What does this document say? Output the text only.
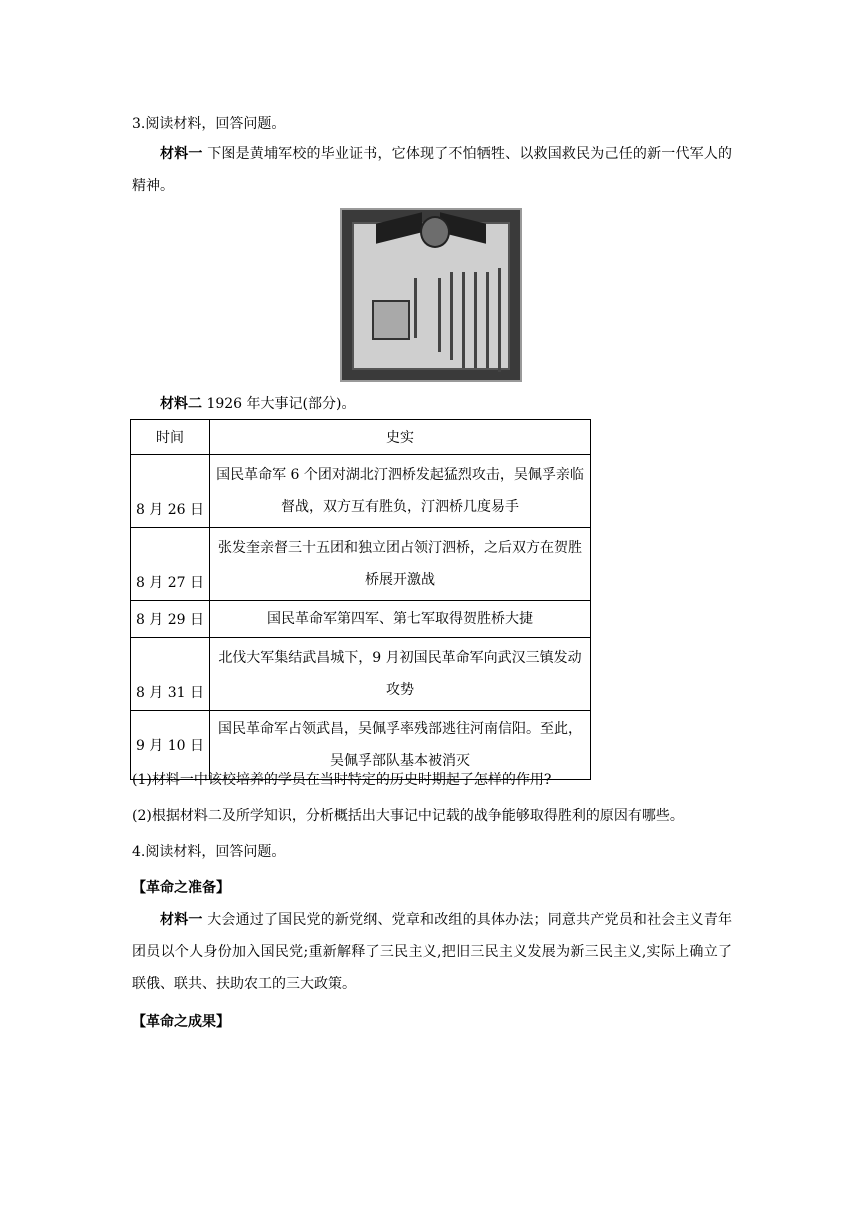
3.阅读材料，回答问题。
材料一 下图是黄埔军校的毕业证书，它体现了不怕牺牲、以救国救民为己任的新一代军人的精神。
材料二 1926 年大事记(部分)。
时间	史实
8 月 26 日	国民革命军 6 个团对湖北汀泗桥发起猛烈攻击，吴佩孚亲临督战，双方互有胜负，汀泗桥几度易手
8 月 27 日	张发奎亲督三十五团和独立团占领汀泗桥，之后双方在贺胜桥展开激战
8 月 29 日	国民革命军第四军、第七军取得贺胜桥大捷
8 月 31 日	北伐大军集结武昌城下，9 月初国民革命军向武汉三镇发动攻势
9 月 10 日	国民革命军占领武昌，吴佩孚率残部逃往河南信阳。至此，吴佩孚部队基本被消灭
(1)材料一中该校培养的学员在当时特定的历史时期起了怎样的作用?
(2)根据材料二及所学知识，分析概括出大事记中记载的战争能够取得胜利的原因有哪些。
4.阅读材料，回答问题。
【革命之准备】
材料一 大会通过了国民党的新党纲、党章和改组的具体办法；同意共产党员和社会主义青年团员以个人身份加入国民党;重新解释了三民主义,把旧三民主义发展为新三民主义,实际上确立了联俄、联共、扶助农工的三大政策。
【革命之成果】
